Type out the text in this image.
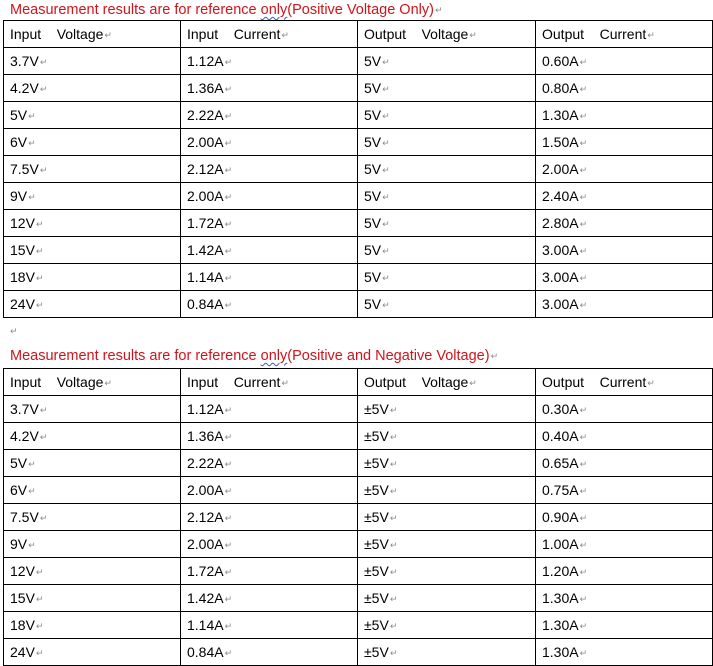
Measurement results are for reference only(Positive Voltage Only)↵
Input    Voltage↵	Input    Current↵	Output    Voltage↵	Output    Current↵
3.7V↵	1.12A↵	5V↵	0.60A↵
4.2V↵	1.36A↵	5V↵	0.80A↵
5V↵	2.22A↵	5V↵	1.30A↵
6V↵	2.00A↵	5V↵	1.50A↵
7.5V↵	2.12A↵	5V↵	2.00A↵
9V↵	2.00A↵	5V↵	2.40A↵
12V↵	1.72A↵	5V↵	2.80A↵
15V↵	1.42A↵	5V↵	3.00A↵
18V↵	1.14A↵	5V↵	3.00A↵
24V↵	0.84A↵	5V↵	3.00A↵
↵
Measurement results are for reference only(Positive and Negative Voltage)↵
Input    Voltage↵	Input    Current↵	Output    Voltage↵	Output    Current↵
3.7V↵	1.12A↵	±5V↵	0.30A↵
4.2V↵	1.36A↵	±5V↵	0.40A↵
5V↵	2.22A↵	±5V↵	0.65A↵
6V↵	2.00A↵	±5V↵	0.75A↵
7.5V↵	2.12A↵	±5V↵	0.90A↵
9V↵	2.00A↵	±5V↵	1.00A↵
12V↵	1.72A↵	±5V↵	1.20A↵
15V↵	1.42A↵	±5V↵	1.30A↵
18V↵	1.14A↵	±5V↵	1.30A↵
24V↵	0.84A↵	±5V↵	1.30A↵
